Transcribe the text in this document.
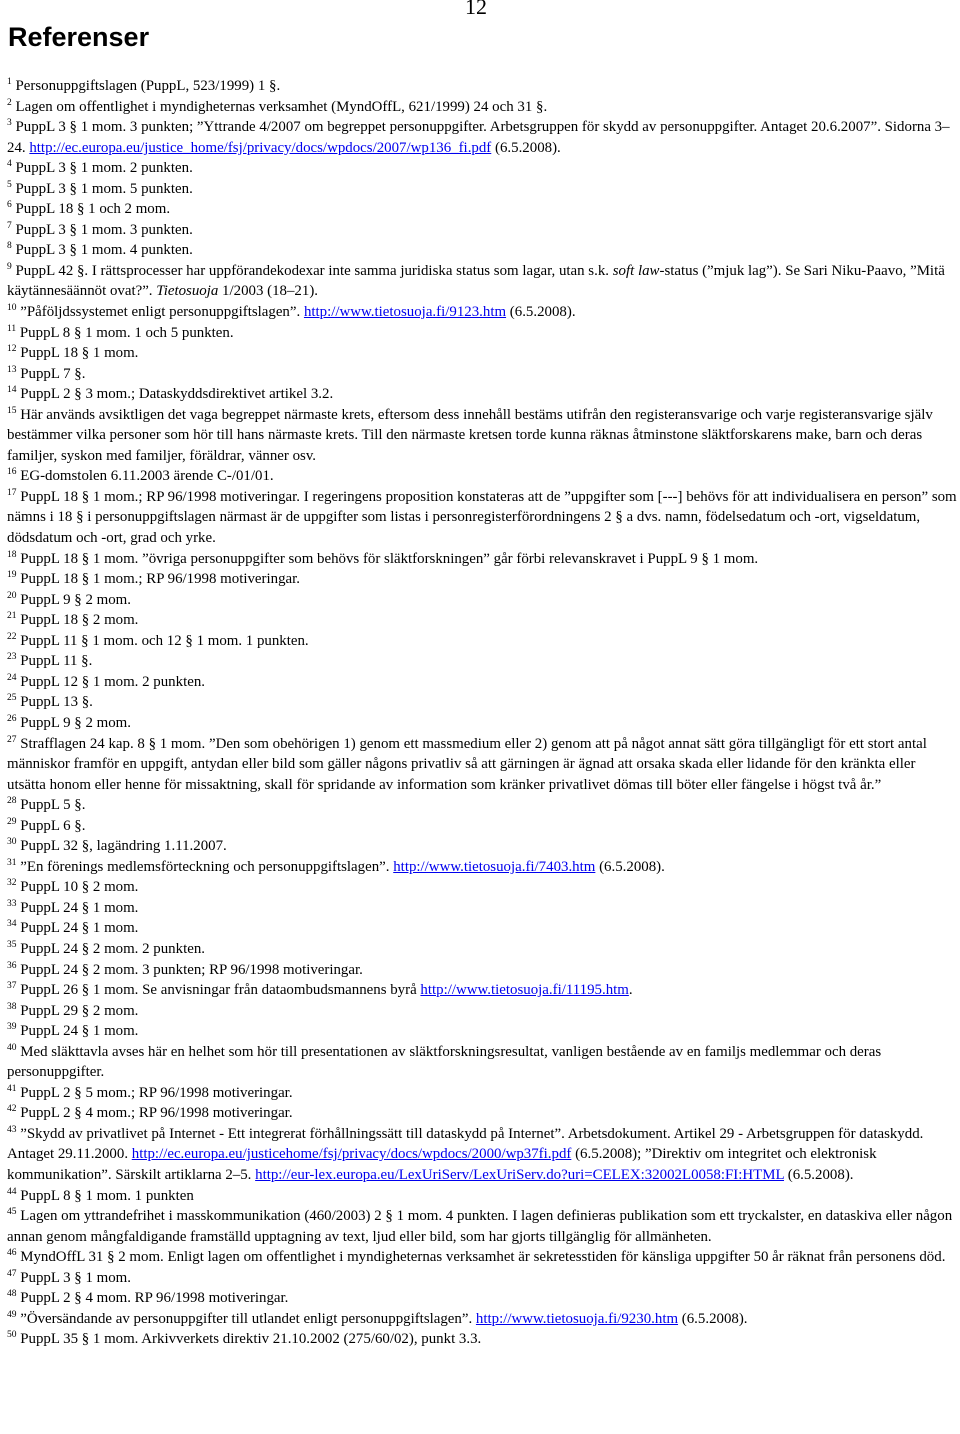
12
Referenser

$^1$ Personuppgiftslagen (PuppL, 523/1999) 1 §.

$^2$ Lagen om offentlighet i myndigheternas verksamhet (MyndOffL, 621/1999) 24 och 31 §.

$^3$ PuppL 3 § 1 mom. 3 punkten; ”Yttrande 4/2007 om begreppet personuppgifter. Arbetsgruppen för skydd av personuppgifter. Antaget 20.6.2007”. Sidorna 3–24. http://ec.europa.eu/justice_home/fsj/privacy/docs/wpdocs/2007/wp136_fi.pdf (6.5.2008).

$^4$ PuppL 3 § 1 mom. 2 punkten.

$^5$ PuppL 3 § 1 mom. 5 punkten.

$^6$ PuppL 18 § 1 och 2 mom.

$^7$ PuppL 3 § 1 mom. 3 punkten.

$^8$ PuppL 3 § 1 mom. 4 punkten.

$^9$ PuppL 42 §. I rättsprocesser har uppförandekodexar inte samma juridiska status som lagar, utan s.k. soft law-status (”mjuk lag”). Se Sari Niku-Paavo, ”Mitä käytännesäännöt ovat?”. Tietosuoja 1/2003 (18–21).

$^{10}$ ”Påföljdssystemet enligt personuppgiftslagen”. http://www.tietosuoja.fi/9123.htm (6.5.2008).

$^{11}$ PuppL 8 § 1 mom. 1 och 5 punkten.

$^{12}$ PuppL 18 § 1 mom.

$^{13}$ PuppL 7 §.

$^{14}$ PuppL 2 § 3 mom.; Dataskyddsdirektivet artikel 3.2.

$^{15}$ Här används avsiktligen det vaga begreppet närmaste krets, eftersom dess innehåll bestäms utifrån den registeransvarige och varje registeransvarige själv bestämmer vilka personer som hör till hans närmaste krets. Till den närmaste kretsen torde kunna räknas åtminstone släktforskarens make, barn och deras familjer, syskon med familjer, föräldrar, vänner osv.

$^{16}$ EG-domstolen 6.11.2003 ärende C-/01/01.

$^{17}$ PuppL 18 § 1 mom.; RP 96/1998 motiveringar. I regeringens proposition konstateras att de ”uppgifter som [---] behövs för att individualisera en person” som nämns i 18 § i personuppgiftslagen närmast är de uppgifter som listas i personregisterförordningens 2 § a dvs. namn, födelsedatum och -ort, vigseldatum, dödsdatum och -ort, grad och yrke.

$^{18}$ PuppL 18 § 1 mom. ”övriga personuppgifter som behövs för släktforskningen” går förbi relevanskravet i PuppL 9 § 1 mom.

$^{19}$ PuppL 18 § 1 mom.; RP 96/1998 motiveringar.

$^{20}$ PuppL 9 § 2 mom.

$^{21}$ PuppL 18 § 2 mom.

$^{22}$ PuppL 11 § 1 mom. och 12 § 1 mom. 1 punkten.

$^{23}$ PuppL 11 §.

$^{24}$ PuppL 12 § 1 mom. 2 punkten.

$^{25}$ PuppL 13 §.

$^{26}$ PuppL 9 § 2 mom.

$^{27}$ Strafflagen 24 kap. 8 § 1 mom. ”Den som obehörigen 1) genom ett massmedium eller 2) genom att på något annat sätt göra tillgängligt för ett stort antal människor framför en uppgift, antydan eller bild som gäller någons privatliv så att gärningen är ägnad att orsaka skada eller lidande för den kränkta eller utsätta honom eller henne för missaktning, skall för spridande av information som kränker privatlivet dömas till böter eller fängelse i högst två år.”

$^{28}$ PuppL 5 §.

$^{29}$ PuppL 6 §.

$^{30}$ PuppL 32 §, lagändring 1.11.2007.

$^{31}$ ”En förenings medlemsförteckning och personuppgiftslagen”. http://www.tietosuoja.fi/7403.htm (6.5.2008).

$^{32}$ PuppL 10 § 2 mom.

$^{33}$ PuppL 24 § 1 mom.

$^{34}$ PuppL 24 § 1 mom.

$^{35}$ PuppL 24 § 2 mom. 2 punkten.

$^{36}$ PuppL 24 § 2 mom. 3 punkten; RP 96/1998 motiveringar.

$^{37}$ PuppL 26 § 1 mom. Se anvisningar från dataombudsmannens byrå http://www.tietosuoja.fi/11195.htm.

$^{38}$ PuppL 29 § 2 mom.

$^{39}$ PuppL 24 § 1 mom.

$^{40}$ Med släkttavla avses här en helhet som hör till presentationen av släktforskningsresultat, vanligen bestående av en familjs medlemmar och deras personuppgifter.

$^{41}$ PuppL 2 § 5 mom.; RP 96/1998 motiveringar.

$^{42}$ PuppL 2 § 4 mom.; RP 96/1998 motiveringar.

$^{43}$ ”Skydd av privatlivet på Internet - Ett integrerat förhållningssätt till dataskydd på Internet”. Arbetsdokument. Artikel 29 - Arbetsgruppen för dataskydd. Antaget 29.11.2000. http://ec.europa.eu/justicehome/fsj/privacy/docs/wpdocs/2000/wp37fi.pdf (6.5.2008); ”Direktiv om integritet och elektronisk kommunikation”. Särskilt artiklarna 2–5. http://eur-lex.europa.eu/LexUriServ/LexUriServ.do?uri=CELEX:32002L0058:FI:HTML (6.5.2008).

$^{44}$ PuppL 8 § 1 mom. 1 punkten

$^{45}$ Lagen om yttrandefrihet i masskommunikation (460/2003) 2 § 1 mom. 4 punkten. I lagen definieras publikation som ett tryckalster, en dataskiva eller någon annan genom mångfaldigande framställd upptagning av text, ljud eller bild, som har gjorts tillgänglig för allmänheten.

$^{46}$ MyndOffL 31 § 2 mom. Enligt lagen om offentlighet i myndigheternas verksamhet är sekretesstiden för känsliga uppgifter 50 år räknat från personens död.

$^{47}$ PuppL 3 § 1 mom.

$^{48}$ PuppL 2 § 4 mom. RP 96/1998 motiveringar.

$^{49}$ ”Översändande av personuppgifter till utlandet enligt personuppgiftslagen”. http://www.tietosuoja.fi/9230.htm (6.5.2008).

$^{50}$ PuppL 35 § 1 mom. Arkivverkets direktiv 21.10.2002 (275/60/02), punkt 3.3.
